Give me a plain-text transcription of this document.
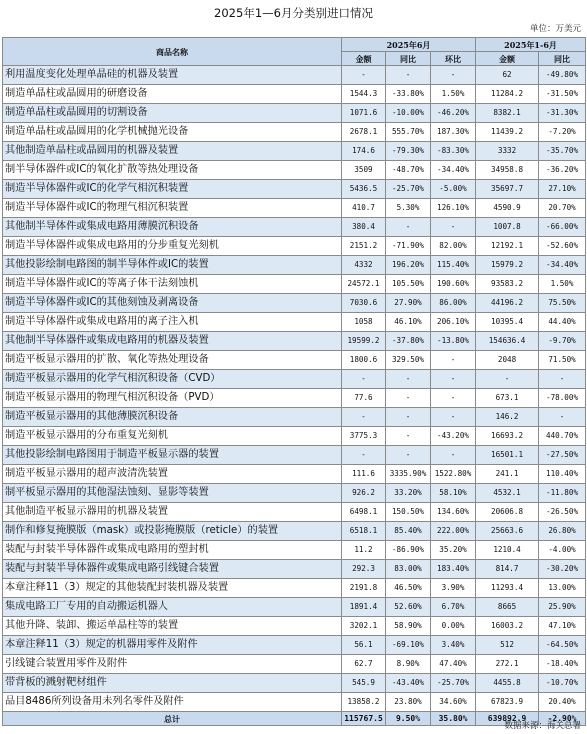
2025年1—6月分类别进口情况
单位：万美元
商品名称	2025年6月			2025年1-6月	
	金额	同比	环比	金额	同比
利用温度变化处理单晶硅的机器及装置	-	-	-	62	-49.80%
制造单晶柱或晶圆用的研磨设备	1544.3	-33.80%	1.50%	11284.2	-31.50%
制造单晶柱或晶圆用的切割设备	1071.6	-10.00%	-46.20%	8382.1	-31.30%
制造单晶柱或晶圆用的化学机械抛光设备	2678.1	555.70%	187.30%	11439.2	-7.20%
其他制造单晶柱或晶圆用的机器及装置	174.6	-79.30%	-83.30%	3332	-35.70%
制半导体器件或IC的氧化扩散等热处理设备	3509	-48.70%	-34.40%	34958.8	-36.20%
制造半导体器件或IC的化学气相沉积装置	5436.5	-25.70%	-5.00%	35697.7	27.10%
制造半导体器件或IC的物理气相沉积装置	410.7	5.30%	126.10%	4590.9	20.70%
其他制半导体件或集成电路用薄膜沉积设备	380.4	-	-	1007.8	-66.00%
制造半导体器件或集成电路用的分步重复光刻机	2151.2	-71.90%	82.00%	12192.1	-52.60%
其他投影绘制电路图的制半导体件或IC的装置	4332	196.20%	115.40%	15979.2	-34.40%
制造半导体器件或IC的等离子体干法刻蚀机	24572.1	105.50%	190.60%	93583.2	1.50%
制造半导体器件或IC的其他刻蚀及剥离设备	7030.6	27.90%	86.00%	44196.2	75.50%
制造半导体器件或集成电路用的离子注入机	1058	46.10%	206.10%	10395.4	44.40%
其他制半导体器件或集成电路用的机器及装置	19599.2	-37.80%	-13.80%	154636.4	-9.70%
制造平板显示器用的扩散、氧化等热处理设备	1800.6	329.50%	-	2048	71.50%
制造平板显示器用的化学气相沉积设备（CVD）	-	-	-	-	-
制造平板显示器用的物理气相沉积设备（PVD）	77.6	-	-	673.1	-78.00%
制造平板显示器用的其他薄膜沉积设备	-	-	-	146.2	-
制造平板显示器用的分布重复光刻机	3775.3	-	-43.20%	16693.2	440.70%
其他投影绘制电路图用于制造平板显示器的装置	-	-	-	16501.1	-27.50%
制造平板显示器用的超声波清洗装置	111.6	3335.90%	1522.80%	241.1	110.40%
制平板显示器用的其他湿法蚀刻、显影等装置	926.2	33.20%	58.10%	4532.1	-11.80%
其他制造平板显示器用的机器及装置	6498.1	150.50%	134.60%	20606.8	-26.50%
制作和修复掩膜版（mask）或投影掩膜版（reticle）的装置	6518.1	85.40%	222.00%	25663.6	26.80%
装配与封装半导体器件或集成电路用的塑封机	11.2	-86.90%	35.20%	1210.4	-4.00%
装配与封装半导体器件或集成电路引线键合装置	292.3	83.00%	183.40%	814.7	-30.20%
本章注释11（3）规定的其他装配封装机器及装置	2191.8	46.50%	3.90%	11293.4	13.00%
集成电路工厂专用的自动搬运机器人	1891.4	52.60%	6.70%	8665	25.90%
其他升降、装卸、搬运单晶柱等的装置	3202.1	58.90%	0.00%	16003.2	47.10%
本章注释11（3）规定的机器用零件及附件	56.1	-69.10%	3.40%	512	-64.50%
引线键合装置用零件及附件	62.7	8.90%	47.40%	272.1	-18.40%
带背板的溅射靶材组件	545.9	-43.40%	-25.70%	4455.8	-10.70%
品目8486所列设备用未列名零件及附件	13858.2	23.80%	34.60%	67823.9	20.40%
总计	115767.5	9.50%	35.80%	639892.9	-2.90%
数据来源：海关总署
